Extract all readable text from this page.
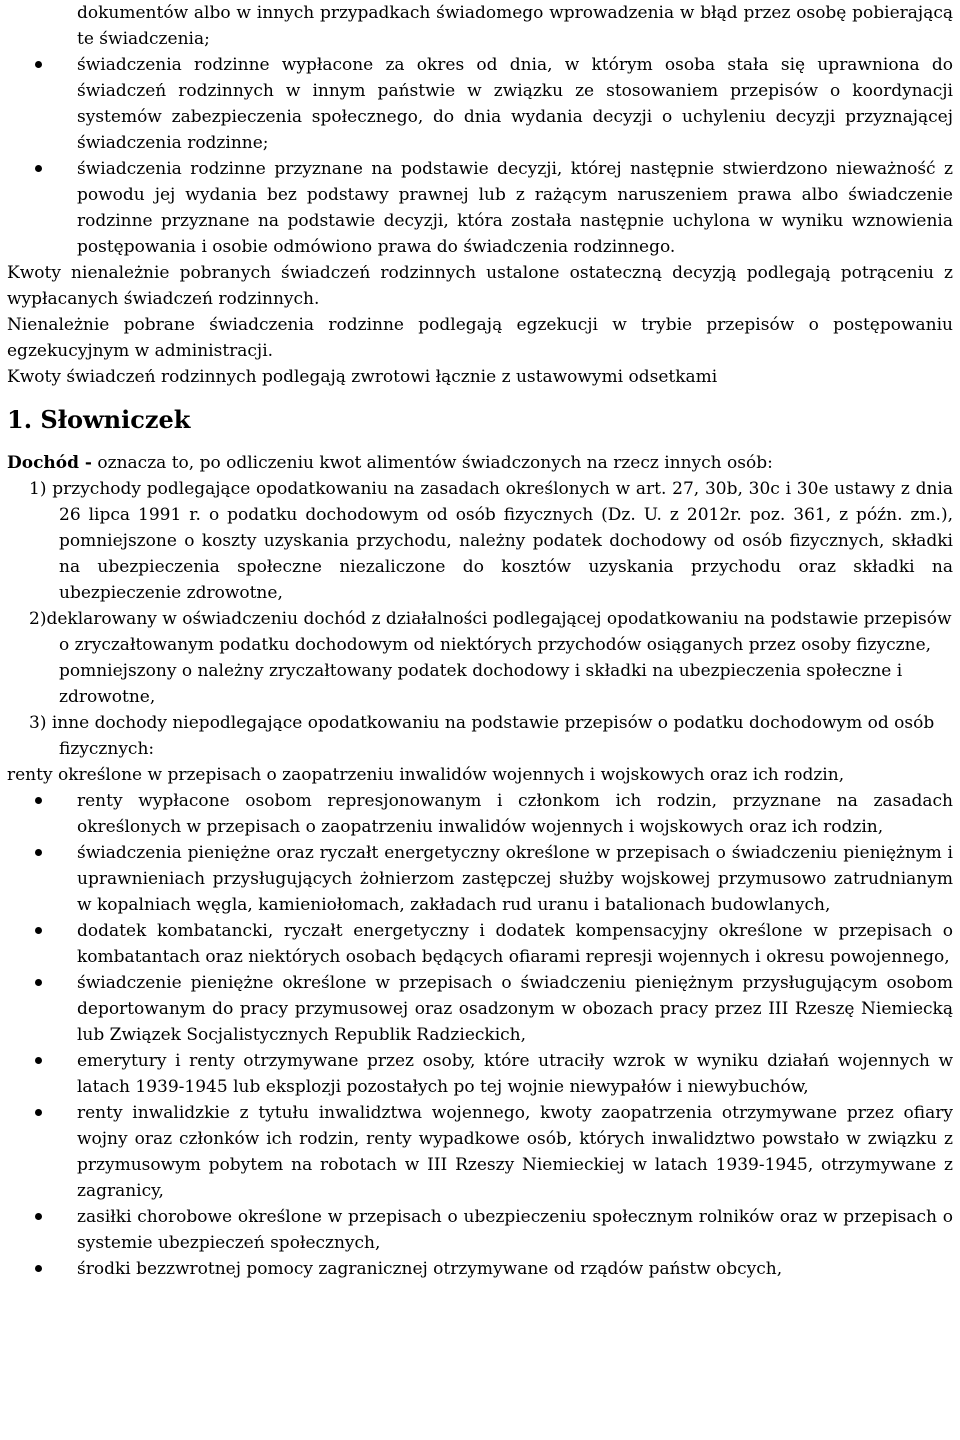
dokumentów albo w innych przypadkach świadomego wprowadzenia w błąd przez osobę pobierającą te świadczenia;
świadczenia rodzinne wypłacone za okres od dnia, w którym osoba stała się uprawniona do świadczeń rodzinnych w innym państwie w związku ze stosowaniem przepisów o koordynacji systemów zabezpieczenia społecznego, do dnia wydania decyzji o uchyleniu decyzji przyznającej świadczenia rodzinne;
świadczenia rodzinne przyznane na podstawie decyzji, której następnie stwierdzono nieważność z powodu jej wydania bez podstawy prawnej lub z rażącym naruszeniem prawa albo świadczenie rodzinne przyznane na podstawie decyzji, która została następnie uchylona w wyniku wznowienia postępowania i osobie odmówiono prawa do świadczenia rodzinnego.

Kwoty nienależnie pobranych świadczeń rodzinnych ustalone ostateczną decyzją podlegają potrąceniu z wypłacanych świadczeń rodzinnych.

Nienależnie pobrane świadczenia rodzinne podlegają egzekucji w trybie przepisów o postępowaniu egzekucyjnym w administracji.

Kwoty świadczeń rodzinnych podlegają zwrotowi łącznie z ustawowymi odsetkami

1. Słowniczek

Dochód - oznacza to, po odliczeniu kwot alimentów świadczonych na rzecz innych osób:

1) przychody podlegające opodatkowaniu na zasadach określonych w art. 27, 30b, 30c i 30e ustawy z dnia 26 lipca 1991 r. o podatku dochodowym od osób fizycznych (Dz. U. z 2012r. poz. 361, z późn. zm.), pomniejszone o koszty uzyskania przychodu, należny podatek dochodowy od osób fizycznych, składki na ubezpieczenia społeczne niezaliczone do kosztów uzyskania przychodu oraz składki na ubezpieczenie zdrowotne,

2)deklarowany w oświadczeniu dochód z działalności podlegającej opodatkowaniu na podstawie przepisów o zryczałtowanym podatku dochodowym od niektórych przychodów osiąganych przez osoby fizyczne, pomniejszony o należny zryczałtowany podatek dochodowy i składki na ubezpieczenia społeczne i zdrowotne,

3) inne dochody niepodlegające opodatkowaniu na podstawie przepisów o podatku dochodowym od osób fizycznych:

renty określone w przepisach o zaopatrzeniu inwalidów wojennych i wojskowych oraz ich rodzin,

renty wypłacone osobom represjonowanym i członkom ich rodzin, przyznane na zasadach określonych w przepisach o zaopatrzeniu inwalidów wojennych i wojskowych oraz ich rodzin,
świadczenia pieniężne oraz ryczałt energetyczny określone w przepisach o świadczeniu pieniężnym i uprawnieniach przysługujących żołnierzom zastępczej służby wojskowej przymusowo zatrudnianym w kopalniach węgla, kamieniołomach, zakładach rud uranu i batalionach budowlanych,
dodatek kombatancki, ryczałt energetyczny i dodatek kompensacyjny określone w przepisach o kombatantach oraz niektórych osobach będących ofiarami represji wojennych i okresu powojennego,
świadczenie pieniężne określone w przepisach o świadczeniu pieniężnym przysługującym osobom deportowanym do pracy przymusowej oraz osadzonym w obozach pracy przez III Rzeszę Niemiecką lub Związek Socjalistycznych Republik Radzieckich,
emerytury i renty otrzymywane przez osoby, które utraciły wzrok w wyniku działań wojennych w latach 1939-1945 lub eksplozji pozostałych po tej wojnie niewypałów i niewybuchów,
renty inwalidzkie z tytułu inwalidztwa wojennego, kwoty zaopatrzenia otrzymywane przez ofiary wojny oraz członków ich rodzin, renty wypadkowe osób, których inwalidztwo powstało w związku z przymusowym pobytem na robotach w III Rzeszy Niemieckiej w latach 1939-1945, otrzymywane z zagranicy,
zasiłki chorobowe określone w przepisach o ubezpieczeniu społecznym rolników oraz w przepisach o systemie ubezpieczeń społecznych,
środki bezzwrotnej pomocy zagranicznej otrzymywane od rządów państw obcych,
